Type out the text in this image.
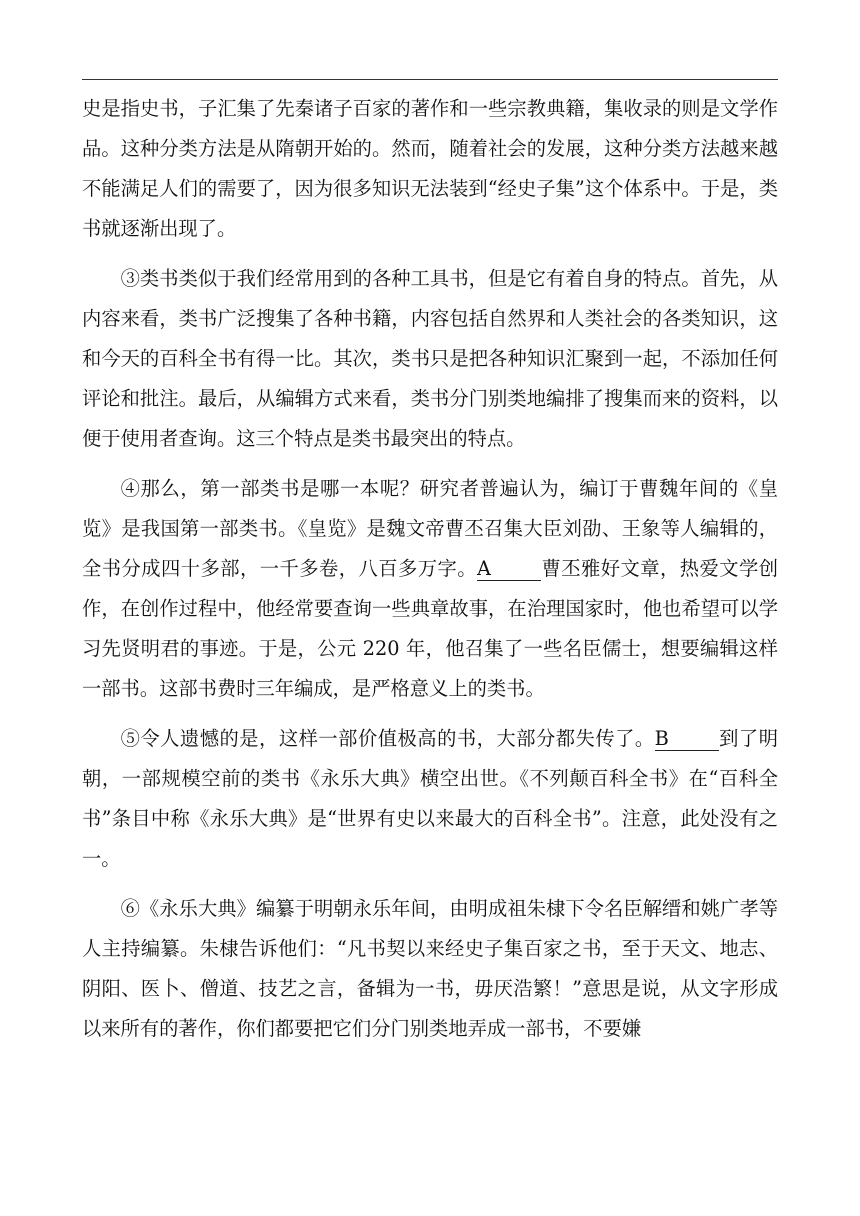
史是指史书，子汇集了先秦诸子百家的著作和一些宗教典籍，集收录的则是文学作品。这种分类方法是从隋朝开始的。然而，随着社会的发展，这种分类方法越来越不能满足人们的需要了，因为很多知识无法装到“经史子集”这个体系中。于是，类书就逐渐出现了。

③类书类似于我们经常用到的各种工具书，但是它有着自身的特点。首先，从内容来看，类书广泛搜集了各种书籍，内容包括自然界和人类社会的各类知识，这和今天的百科全书有得一比。其次，类书只是把各种知识汇聚到一起，不添加任何评论和批注。最后，从编辑方式来看，类书分门别类地编排了搜集而来的资料，以便于使用者查询。这三个特点是类书最突出的特点。

④那么，第一部类书是哪一本呢？研究者普遍认为，编订于曹魏年间的《皇览》是我国第一部类书。《皇览》是魏文帝曹丕召集大臣刘劭、王象等人编辑的，全书分成四十多部，一千多卷，八百多万字。A	曹丕雅好文章，热爱文学创作，在创作过程中，他经常要查询一些典章故事，在治理国家时，他也希望可以学习先贤明君的事迹。于是，公元 220 年，他召集了一些名臣儒士，想要编辑这样一部书。这部书费时三年编成，是严格意义上的类书。

⑤令人遗憾的是，这样一部价值极高的书，大部分都失传了。B	到了明朝，一部规模空前的类书《永乐大典》横空出世。《不列颠百科全书》在“百科全书”条目中称《永乐大典》是“世界有史以来最大的百科全书”。注意，此处没有之一。

⑥《永乐大典》编纂于明朝永乐年间，由明成祖朱棣下令名臣解缙和姚广孝等人主持编纂。朱棣告诉他们：“凡书契以来经史子集百家之书，至于天文、地志、阴阳、医卜、僧道、技艺之言，备辑为一书，毋厌浩繁！”意思是说，从文字形成以来所有的著作，你们都要把它们分门别类地弄成一部书，不要嫌
